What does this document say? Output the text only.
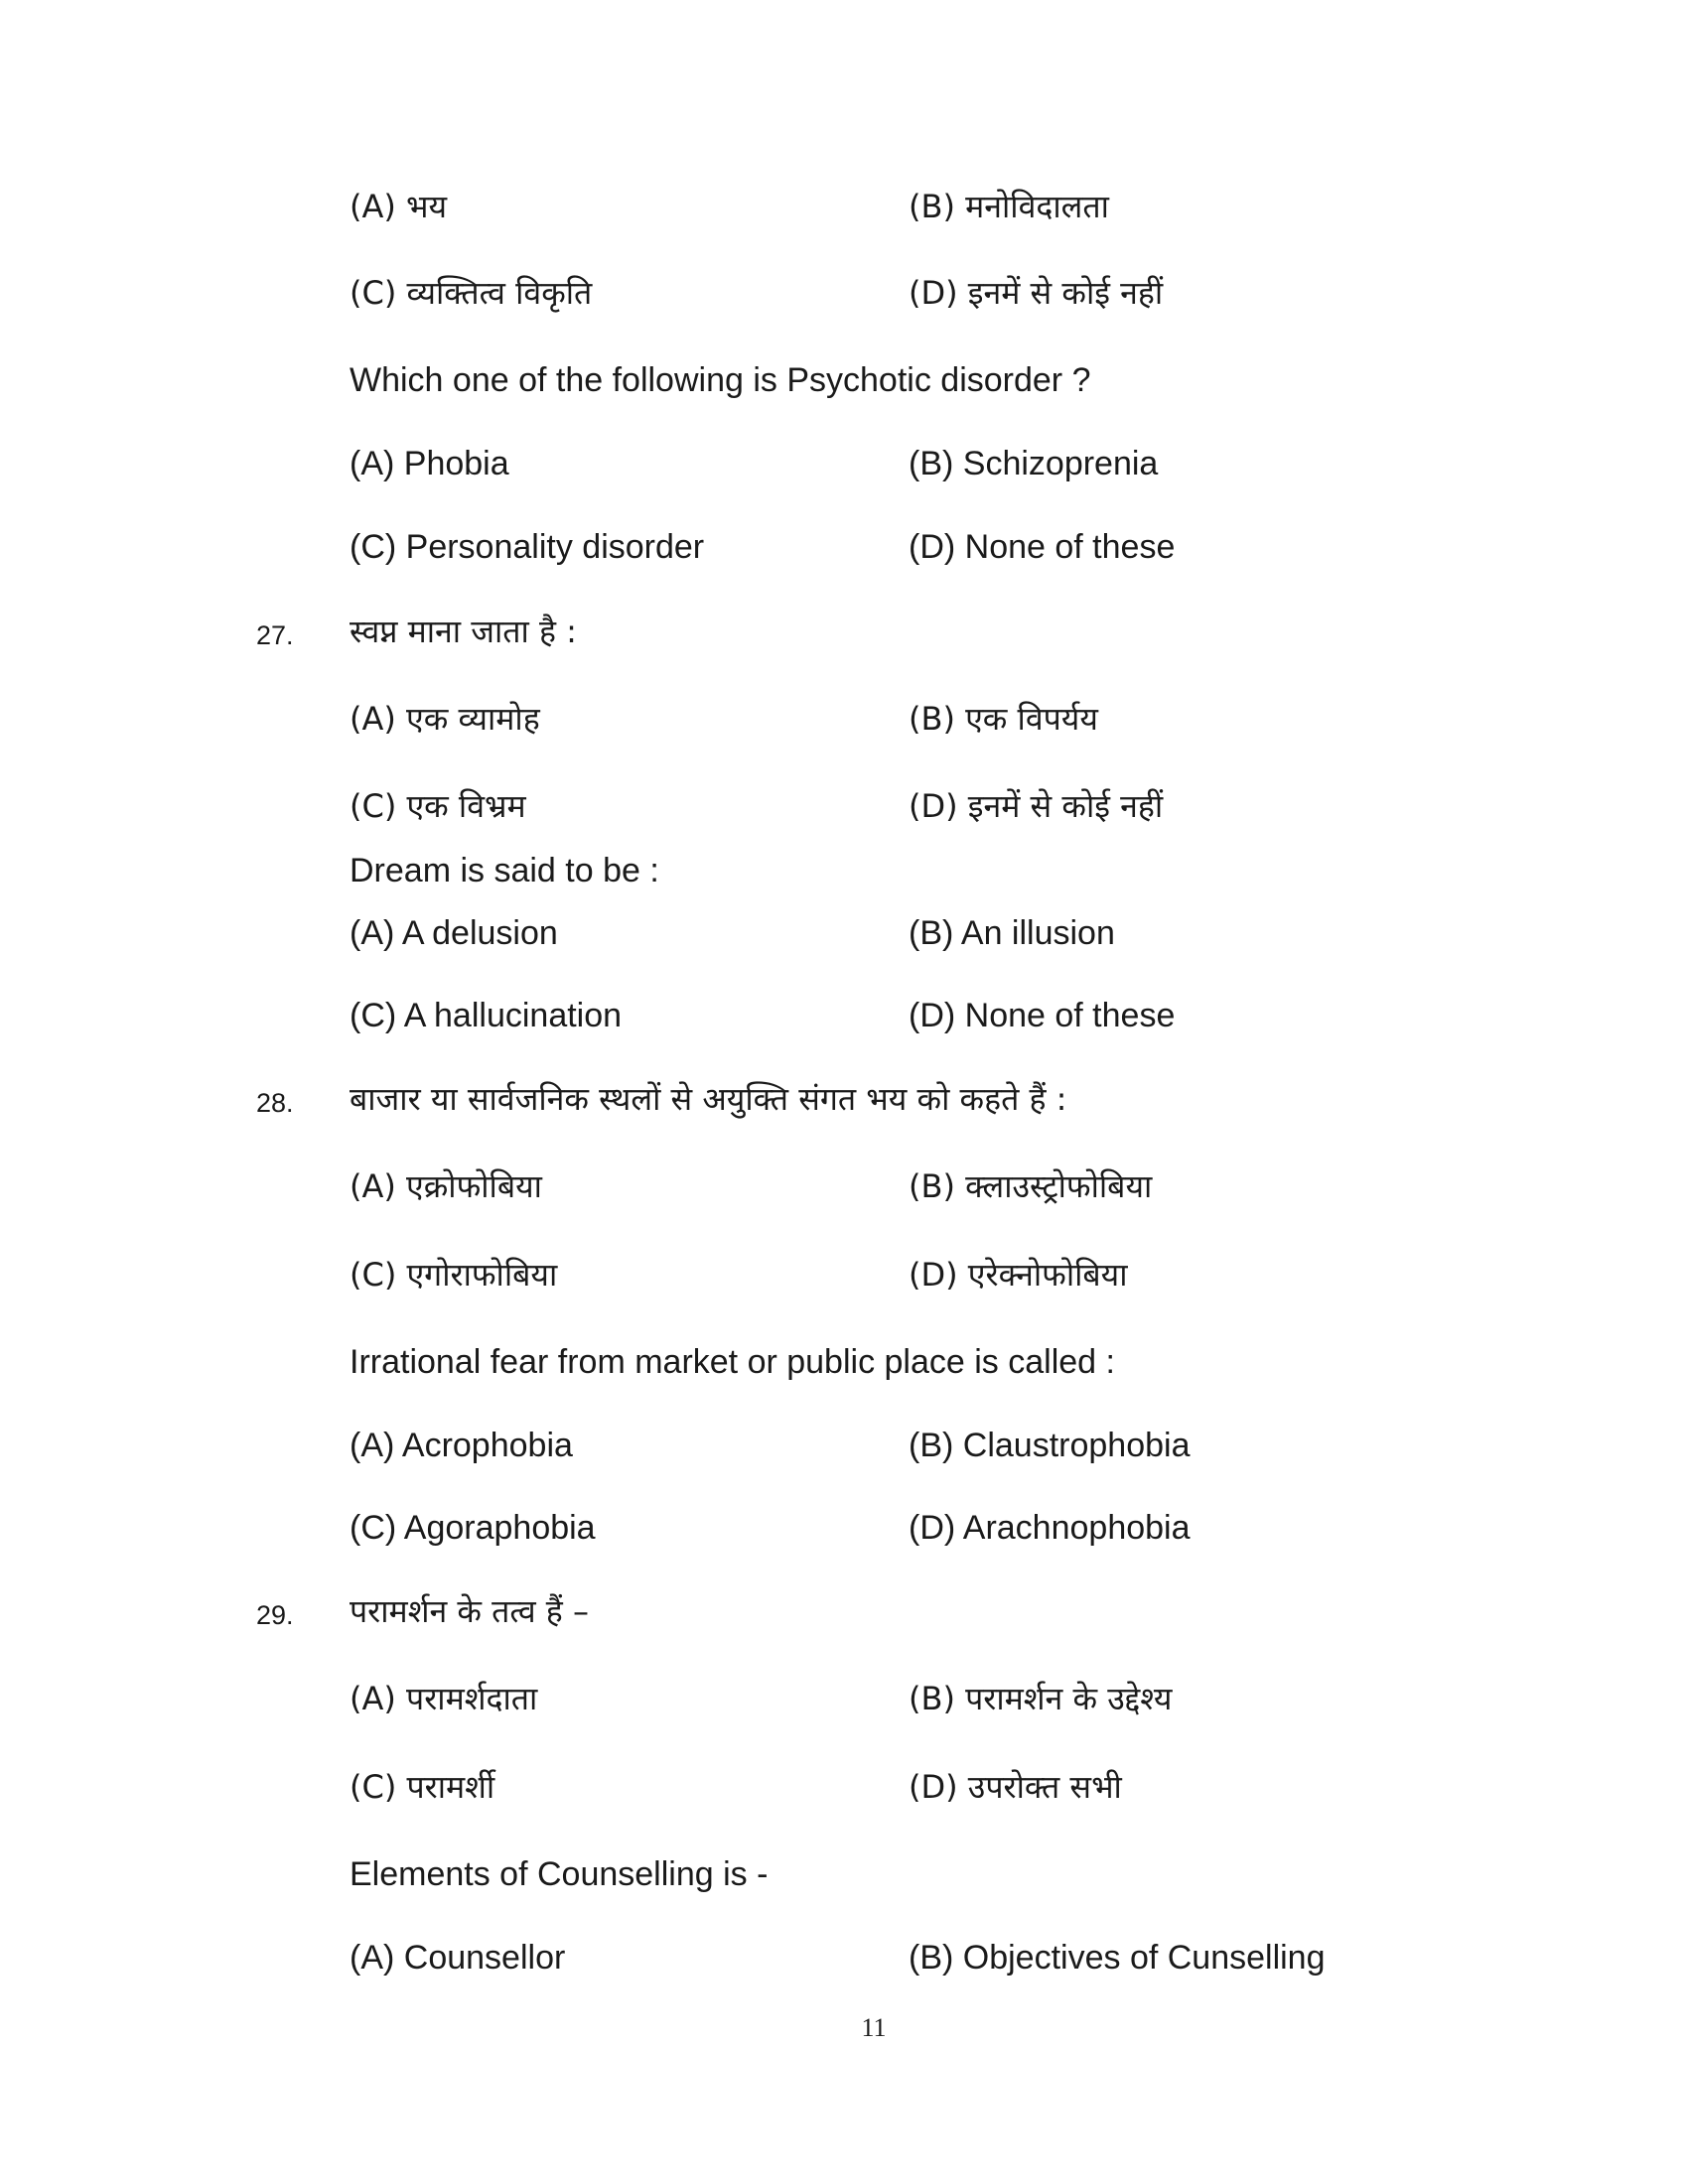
(A) भय	(B) मनोविदालता
(C) व्यक्तित्व विकृति	(D) इनमें से कोई नहीं
Which one of the following is Psychotic disorder ?
(A) Phobia	(B) Schizoprenia
(C) Personality disorder	(D) None of these
27. स्वप्न माना जाता है :
(A) एक व्यामोह	(B) एक विपर्यय
(C) एक विभ्रम	(D) इनमें से कोई नहीं
Dream is said to be :
(A) A delusion	(B) An illusion
(C) A hallucination	(D) None of these
28. बाजार या सार्वजनिक स्थलों से अयुक्ति संगत भय को कहते हैं :
(A) एक्रोफोबिया	(B) क्लाउस्ट्रोफोबिया
(C) एगोराफोबिया	(D) एरेक्नोफोबिया
Irrational fear from market or public place is called :
(A) Acrophobia	(B) Claustrophobia
(C) Agoraphobia	(D) Arachnophobia
29. परामर्शन के तत्व हैं –
(A) परामर्शदाता	(B) परामर्शन के उद्देश्य
(C) परामर्शी	(D) उपरोक्त सभी
Elements of Counselling is -
(A) Counsellor	(B) Objectives of Cunselling
11
